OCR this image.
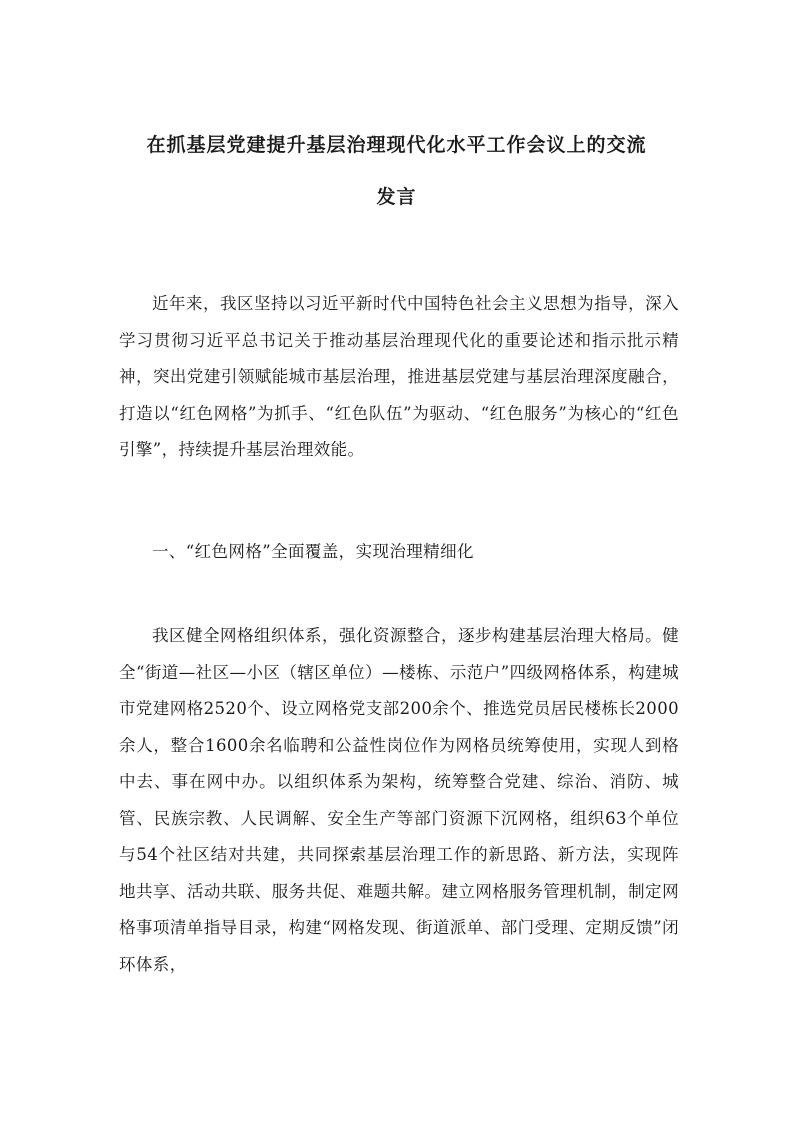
在抓基层党建提升基层治理现代化水平工作会议上的交流
发言

近年来，我区坚持以习近平新时代中国特色社会主义思想为指导，深入学习贯彻习近平总书记关于推动基层治理现代化的重要论述和指示批示精神，突出党建引领赋能城市基层治理，推进基层党建与基层治理深度融合，打造以“红色网格”为抓手、“红色队伍”为驱动、“红色服务”为核心的“红色引擎”，持续提升基层治理效能。

一、“红色网格”全面覆盖，实现治理精细化

我区健全网格组织体系，强化资源整合，逐步构建基层治理大格局。健全“街道—社区—小区（辖区单位）—楼栋、示范户”四级网格体系，构建城市党建网格2520个、设立网格党支部200余个、推选党员居民楼栋长2000余人，整合1600余名临聘和公益性岗位作为网格员统筹使用，实现人到格中去、事在网中办。以组织体系为架构，统筹整合党建、综治、消防、城管、民族宗教、人民调解、安全生产等部门资源下沉网格，组织63个单位与54个社区结对共建，共同探索基层治理工作的新思路、新方法，实现阵地共享、活动共联、服务共促、难题共解。建立网格服务管理机制，制定网格事项清单指导目录，构建“网格发现、街道派单、部门受理、定期反馈”闭环体系，
